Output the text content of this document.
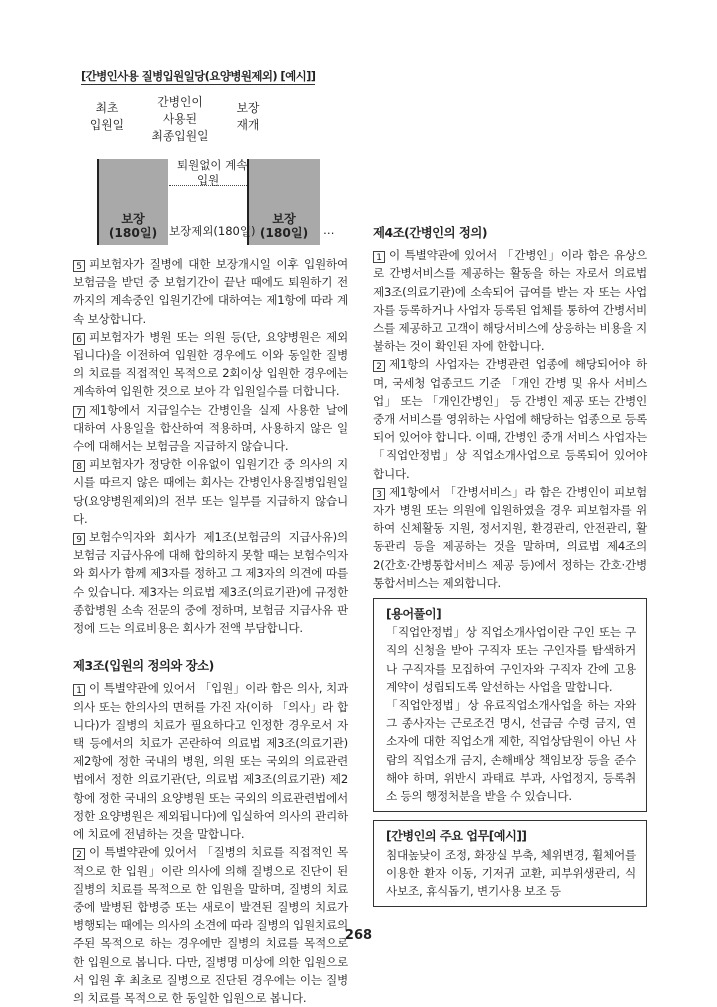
[간병인사용 질병입원일당(요양병원제외) [예시]]
최초
입원일
간병인이
사용된
최종입원일
보장
재개
보장
(180일)
보장
(180일)
퇴원없이 계속
입원
보장제외(180일)	…

5 피보험자가 질병에 대한 보장개시일 이후 입원하여 보험금을 받던 중 보험기간이 끝난 때에도 퇴원하기 전까지의 계속중인 입원기간에 대하여는 제1항에 따라 계속 보상합니다.

6 피보험자가 병원 또는 의원 등(단, 요양병원은 제외됩니다)을 이전하여 입원한 경우에도 이와 동일한 질병의 치료를 직접적인 목적으로 2회이상 입원한 경우에는 계속하여 입원한 것으로 보아 각 입원일수를 더합니다.

7 제1항에서 지급일수는 간병인을 실제 사용한 날에 대하여 사용일을 합산하여 적용하며, 사용하지 않은 일수에 대해서는 보험금을 지급하지 않습니다.

8 피보험자가 정당한 이유없이 입원기간 중 의사의 지시를 따르지 않은 때에는 회사는 간병인사용질병입원일당(요양병원제외)의 전부 또는 일부를 지급하지 않습니다.

9 보험수익자와 회사가 제1조(보험금의 지급사유)의 보험금 지급사유에 대해 합의하지 못할 때는 보험수익자와 회사가 함께 제3자를 정하고 그 제3자의 의견에 따를 수 있습니다. 제3자는 의료법 제3조(의료기관)에 규정한 종합병원 소속 전문의 중에 정하며, 보험금 지급사유 판정에 드는 의료비용은 회사가 전액 부담합니다.

제3조(입원의 정의와 장소)

1 이 특별약관에 있어서 「입원」이라 함은 의사, 치과의사 또는 한의사의 면허를 가진 자(이하 「의사」라 합니다)가 질병의 치료가 필요하다고 인정한 경우로서 자택 등에서의 치료가 곤란하여 의료법 제3조(의료기관) 제2항에 정한 국내의 병원, 의원 또는 국외의 의료관련법에서 정한 의료기관(단, 의료법 제3조(의료기관) 제2항에 정한 국내의 요양병원 또는 국외의 의료관련법에서 정한 요양병원은 제외됩니다)에 입실하여 의사의 관리하에 치료에 전념하는 것을 말합니다.

2 이 특별약관에 있어서 「질병의 치료를 직접적인 목적으로 한 입원」이란 의사에 의해 질병으로 진단이 된 질병의 치료를 목적으로 한 입원을 말하며, 질병의 치료중에 발병된 합병증 또는 새로이 발견된 질병의 치료가 병행되는 때에는 의사의 소견에 따라 질병의 입원치료의 주된 목적으로 하는 경우에만 질병의 치료를 목적으로 한 입원으로 봅니다. 다만, 질병명 미상에 의한 입원으로서 입원 후 최초로 질병으로 진단된 경우에는 이는 질병의 치료를 목적으로 한 동일한 입원으로 봅니다.

제4조(간병인의 정의)

1 이 특별약관에 있어서 「간병인」이라 함은 유상으로 간병서비스를 제공하는 활동을 하는 자로서 의료법 제3조(의료기관)에 소속되어 급여를 받는 자 또는 사업자를 등록하거나 사업자 등록된 업체를 통하여 간병서비스를 제공하고 고객이 해당서비스에 상응하는 비용을 지불하는 것이 확인된 자에 한합니다.

2 제1항의 사업자는 간병관련 업종에 해당되어야 하며, 국세청 업종코드 기준 「개인 간병 및 유사 서비스업」 또는 「개인간병인」 등 간병인 제공 또는 간병인 중개 서비스를 영위하는 사업에 해당하는 업종으로 등록되어 있어야 합니다. 이때, 간병인 중개 서비스 사업자는 「직업안정법」상 직업소개사업으로 등록되어 있어야 합니다.

3 제1항에서 「간병서비스」라 함은 간병인이 피보험자가 병원 또는 의원에 입원하였을 경우 피보험자를 위하여 신체활동 지원, 정서지원, 환경관리, 안전관리, 활동관리 등을 제공하는 것을 말하며, 의료법 제4조의2(간호·간병통합서비스 제공 등)에서 정하는 간호·간병통합서비스는 제외합니다.

[용어풀이]

「직업안정법」상 직업소개사업이란 구인 또는 구직의 신청을 받아 구직자 또는 구인자를 탐색하거나 구직자를 모집하여 구인자와 구직자 간에 고용계약이 성립되도록 알선하는 사업을 말합니다.

「직업안정법」상 유료직업소개사업을 하는 자와 그 종사자는 근로조건 명시, 선급금 수령 금지, 연소자에 대한 직업소개 제한, 직업상담원이 아닌 사람의 직업소개 금지, 손해배상 책임보장 등을 준수해야 하며, 위반시 과태료 부과, 사업정지, 등록취소 등의 행정처분을 받을 수 있습니다.

[간병인의 주요 업무[예시]]

침대높낮이 조정, 화장실 부축, 체위변경, 휠체어를 이용한 환자 이동, 기저귀 교환, 피부위생관리, 식사보조, 휴식돕기, 변기사용 보조 등

268
